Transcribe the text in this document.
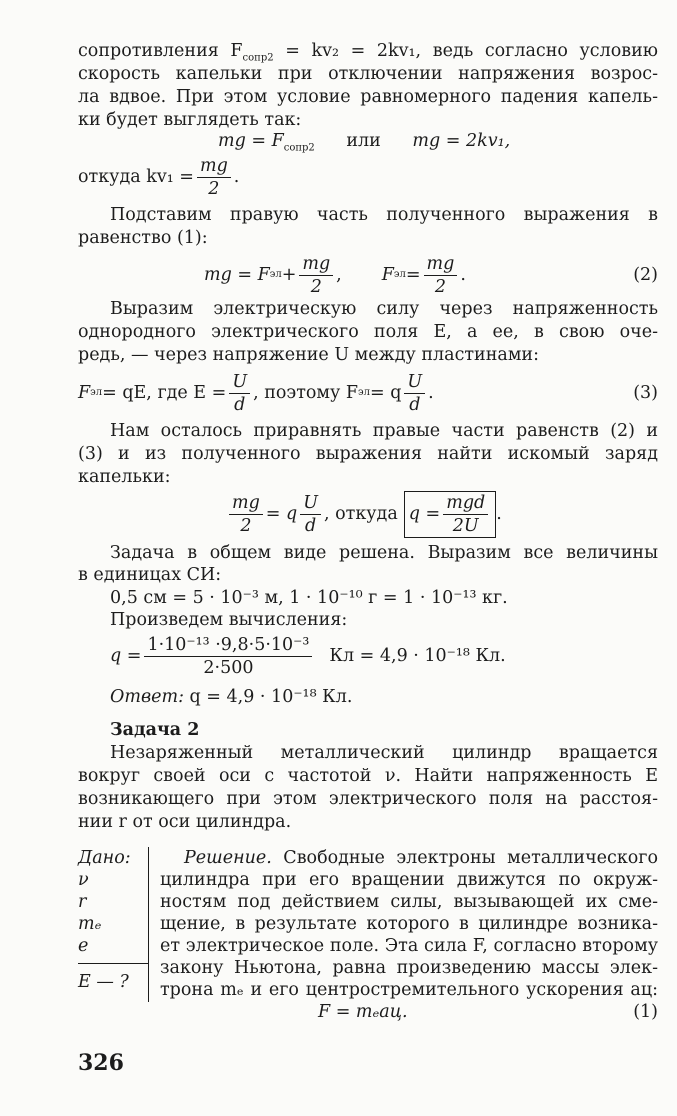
сопротивления $F_{сопр2} = kv_2 = 2kv_1$, ведь согласно условию
скорость капельки при отключении напряжения возрос-
ла вдвое. При этом условие равномерного падения капель-
ки будет выглядеть так:
mg = $F_{сопр2}$ или mg = 2kv₁,
откуда $kv_1 = \frac{mg}{2}$ .
Подставим правую часть полученного выражения в
равенство (1):
mg = F эл + $\frac{mg}{2}$ , F эл = $\frac{mg}{2}$ .	(2)
Выразим электрическую силу через напряженность
однородного электрического поля E, а ее, в свою оче-
редь, — через напряжение U между пластинами:
F эл = qE, где $E = \frac{U}{d}$ , поэтому F эл = q $\frac{U}{d}$ .	(3)
Нам осталось приравнять правые части равенств (2) и
(3) и из полученного выражения найти искомый заряд
капельки:
$\frac{mg}{2} = q \frac{U}{d}$ , откуда $q = \frac{\text{mgd}}{2U}$ .
Задача в общем виде решена. Выразим все величины
в единицах СИ:
0,5 см = 5 · 10⁻³ м, 1 · 10⁻¹⁰ г = 1 · 10⁻¹³ кг.
Произведем вычисления:
$q = \frac{\text{1·10⁻¹³ ·9,8·5·10⁻³}}{2\cdot 500}$ Кл = 4,9 · 10⁻¹⁸ Кл.
Ответ: q = 4,9 · 10⁻¹⁸ Кл.
Задача 2
Незаряженный металлический цилиндр вращается
вокруг своей оси с частотой ν. Найти напряженность E
возникающего при этом электрического поля на расстоя-
нии r от оси цилиндра.
Дано:
ν
r
mₑ
e
E — ?
Решение. Свободные электроны металлического
цилиндра при его вращении движутся по окруж-
ностям под действием силы, вызывающей их сме-
щение, в результате которого в цилиндре возника-
ет электрическое поле. Эта сила F, согласно второму
закону Ньютона, равна произведению массы элек-
трона mₑ и его центростремительного ускорения aц:
F = mₑaц.	(1)
326
